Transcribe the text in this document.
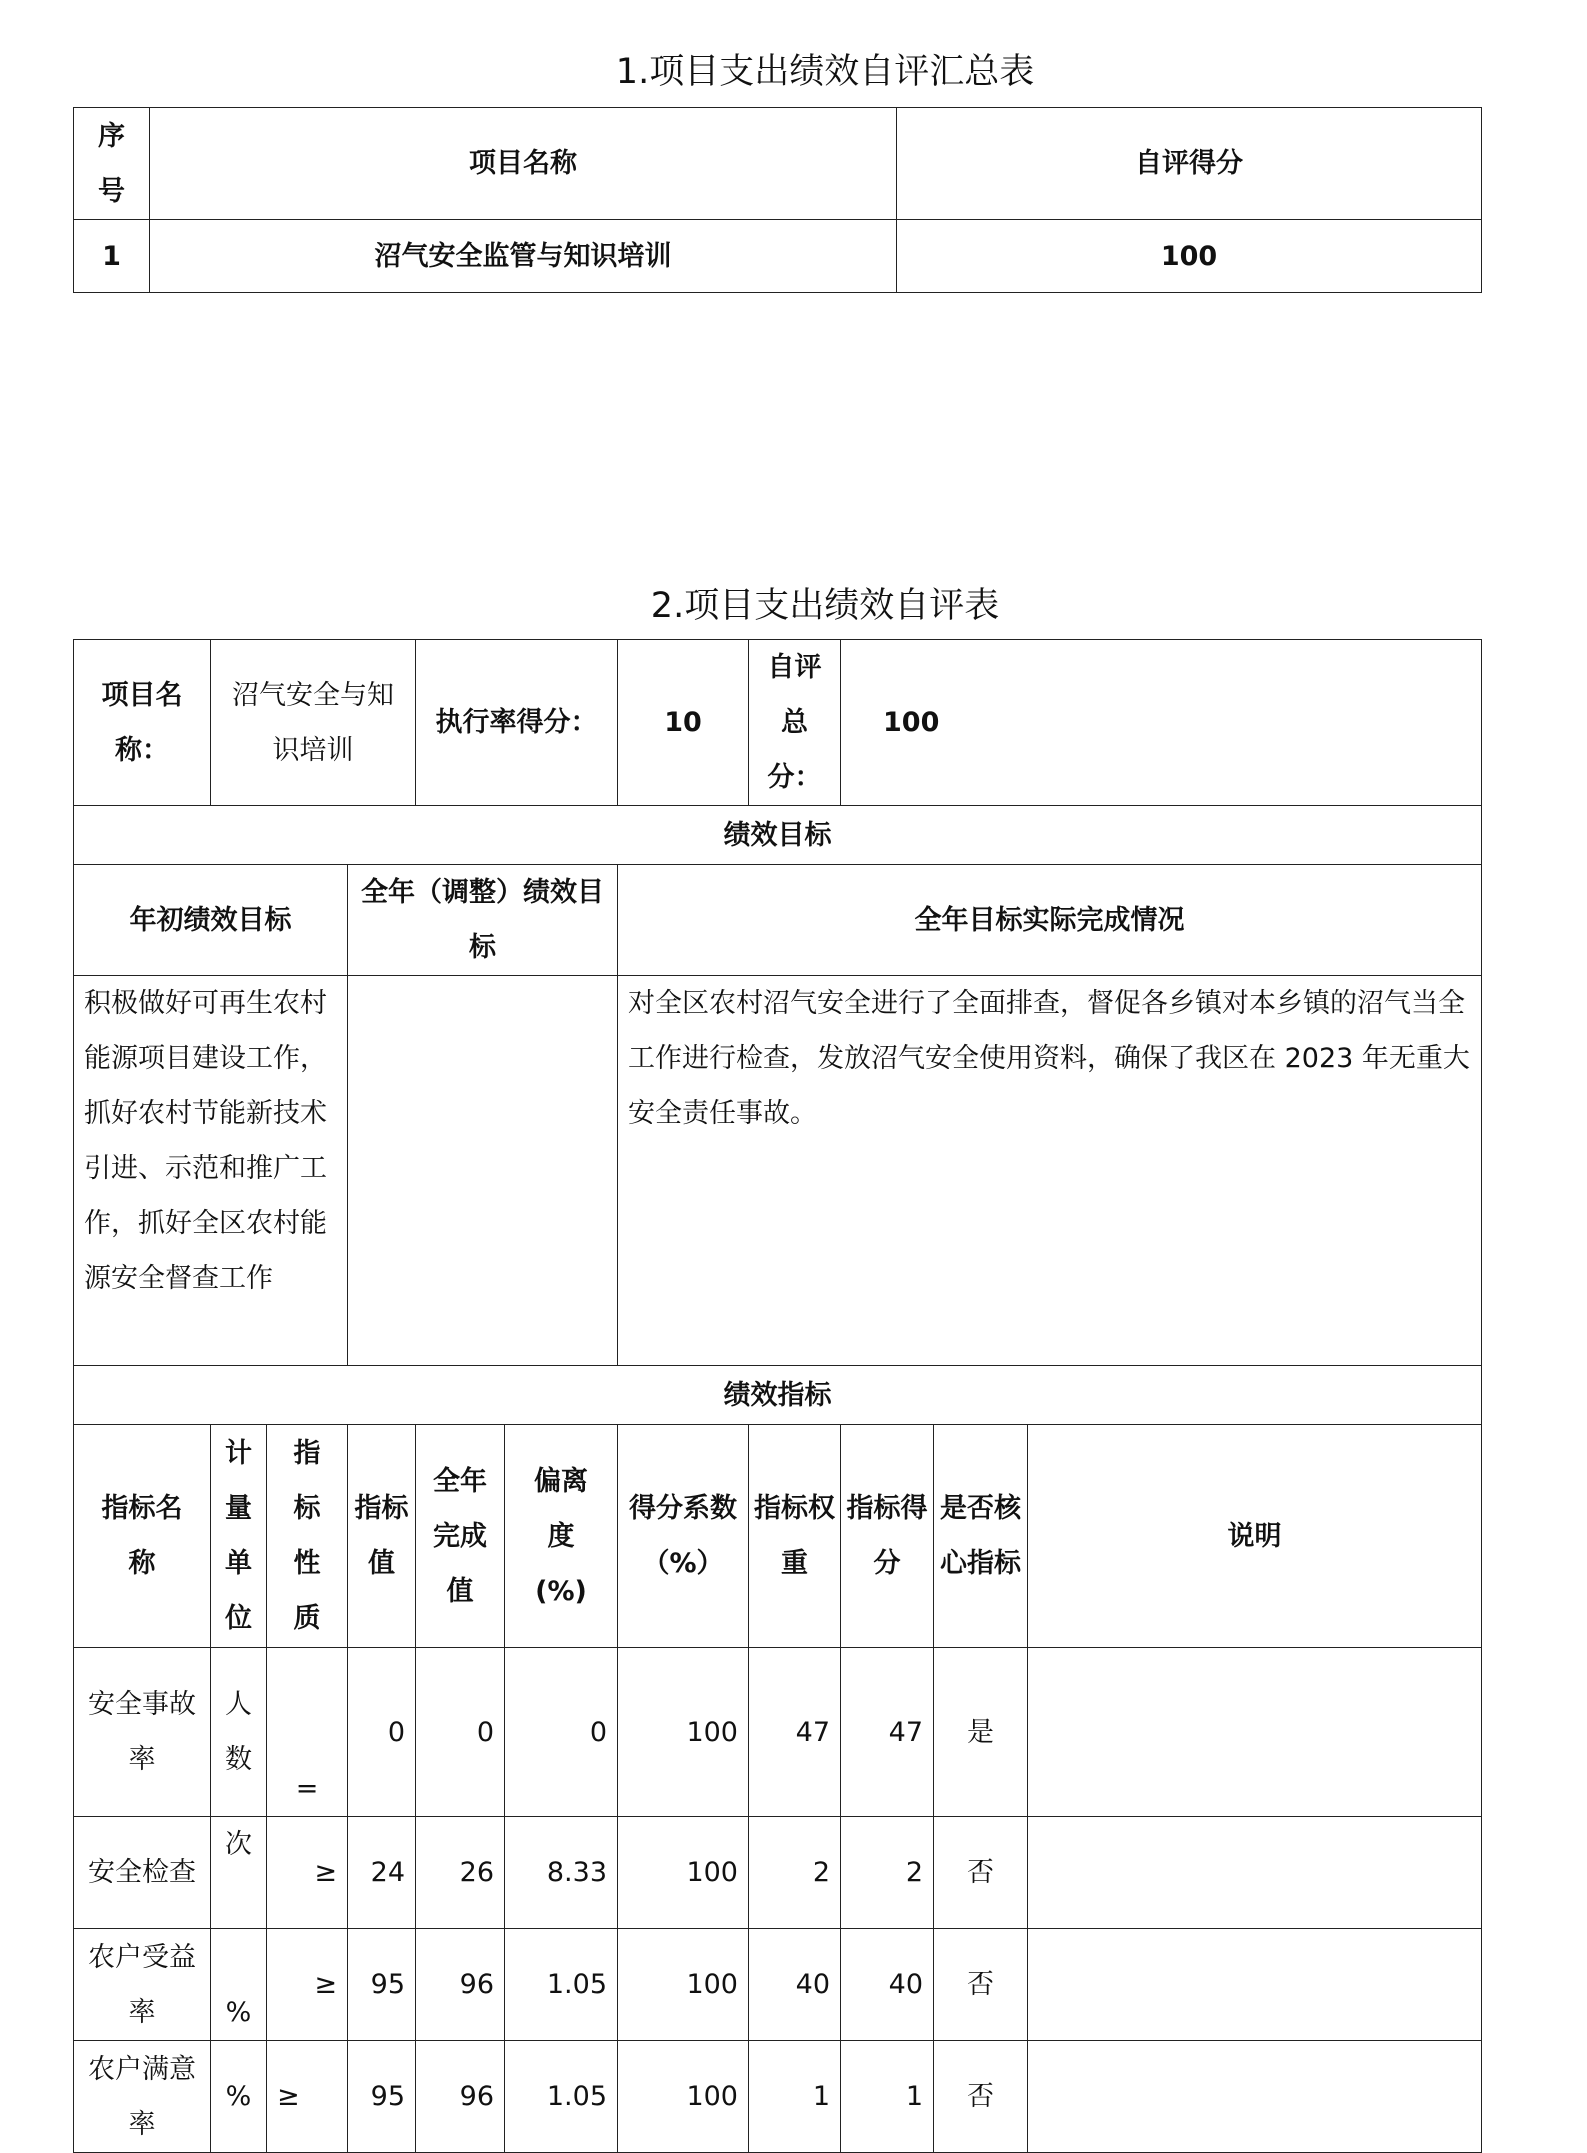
1.项目支出绩效自评汇总表
序号	项目名称	自评得分
1	沼气安全监管与知识培训	100
2.项目支出绩效自评表
项目名称：	沼气安全与知识培训			执行率得分：		10	自评总分：	100		
绩效目标										
年初绩效目标			全年（调整）绩效目标			全年目标实际完成情况				
积极做好可再生农村能源项目建设工作，抓好农村节能新技术引进、示范和推广工作，抓好全区农村能源安全督查工作						对全区农村沼气安全进行了全面排查，督促各乡镇对本乡镇的沼气当全工作进行检查，发放沼气安全使用资料，确保了我区在 2023 年无重大安全责任事故。				
绩效指标										
指标名称	计量单位	指标性质	指标值	全年完成值	偏离度(%)	得分系数（%）	指标权重	指标得分	是否核心指标	说明
安全事故率	人数	=	0	0	0	100	47	47	是	
安全检查	次	≥	24	26	8.33	100	2	2	否	
农户受益率	%	≥	95	96	1.05	100	40	40	否	
农户满意率	%	≥	95	96	1.05	100	1	1	否	
